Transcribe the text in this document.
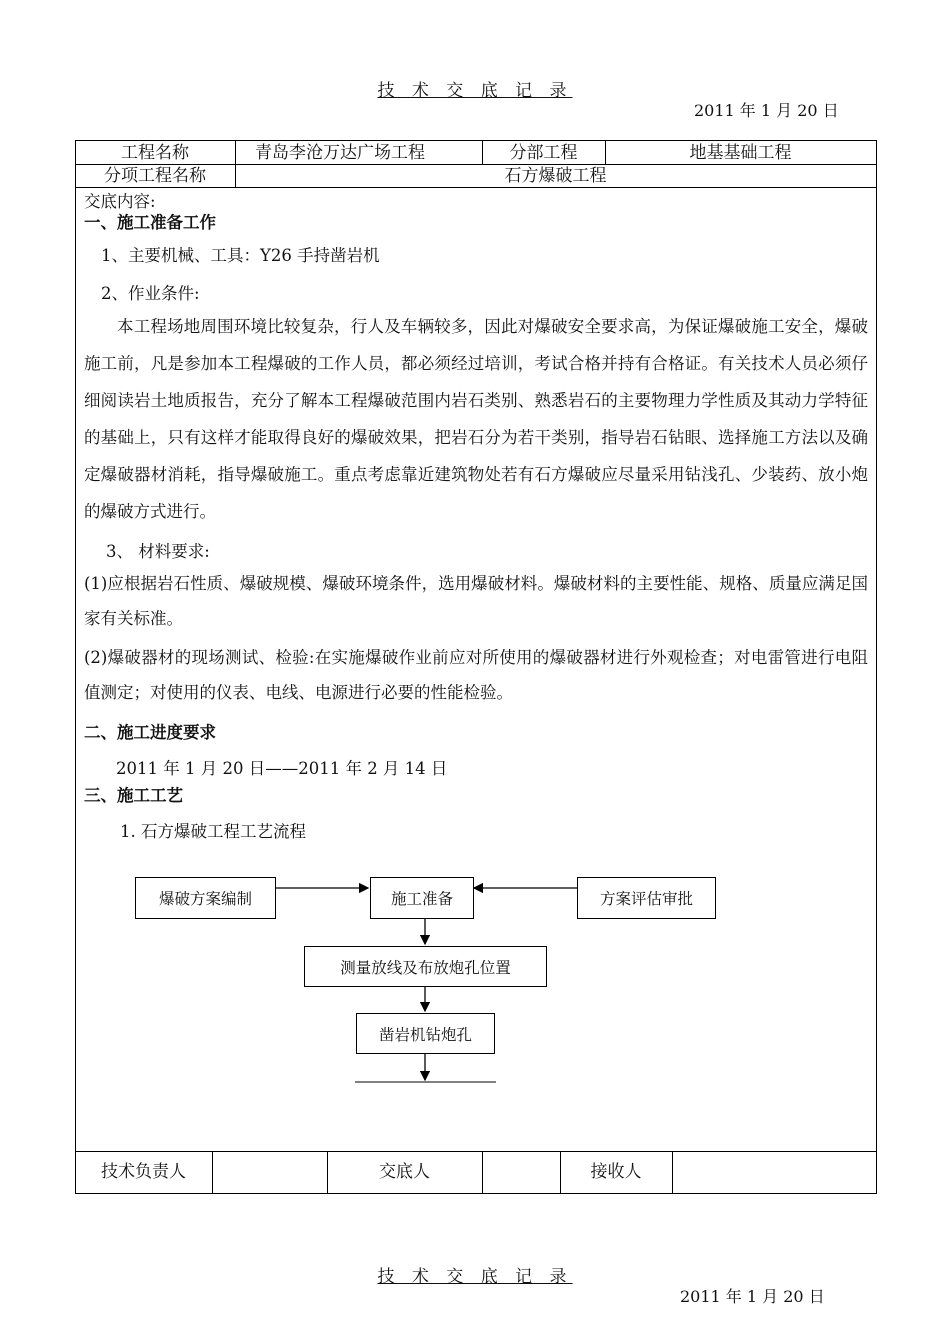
技 术 交 底 记 录
2011 年 1 月 20 日
工程名称	青岛李沧万达广场工程	分部工程	地基基础工程
分项工程名称	石方爆破工程
交底内容:
一、施工准备工作
1、主要机械、工具：Y26 手持凿岩机
2、作业条件:
本工程场地周围环境比较复杂，行人及车辆较多，因此对爆破安全要求高，为保证爆破施工安全，爆破施工前，凡是参加本工程爆破的工作人员，都必须经过培训，考试合格并持有合格证。有关技术人员必须仔细阅读岩土地质报告，充分了解本工程爆破范围内岩石类别、熟悉岩石的主要物理力学性质及其动力学特征的基础上，只有这样才能取得良好的爆破效果，把岩石分为若干类别，指导岩石钻眼、选择施工方法以及确定爆破器材消耗，指导爆破施工。重点考虑靠近建筑物处若有石方爆破应尽量采用钻浅孔、少装药、放小炮的爆破方式进行。
3、 材料要求:
(1)应根据岩石性质、爆破规模、爆破环境条件，选用爆破材料。爆破材料的主要性能、规格、质量应满足国家有关标准。
(2)爆破器材的现场测试、检验:在实施爆破作业前应对所使用的爆破器材进行外观检查；对电雷管进行电阻值测定；对使用的仪表、电线、电源进行必要的性能检验。
二、施工进度要求
2011 年 1 月 20 日——2011 年 2 月 14 日
三、施工工艺
1. 石方爆破工程工艺流程
爆破方案编制	施工准备	方案评估审批
测量放线及布放炮孔位置
凿岩机钻炮孔
技术负责人	交底人	接收人
技 术 交 底 记 录
2011 年 1 月 20 日
